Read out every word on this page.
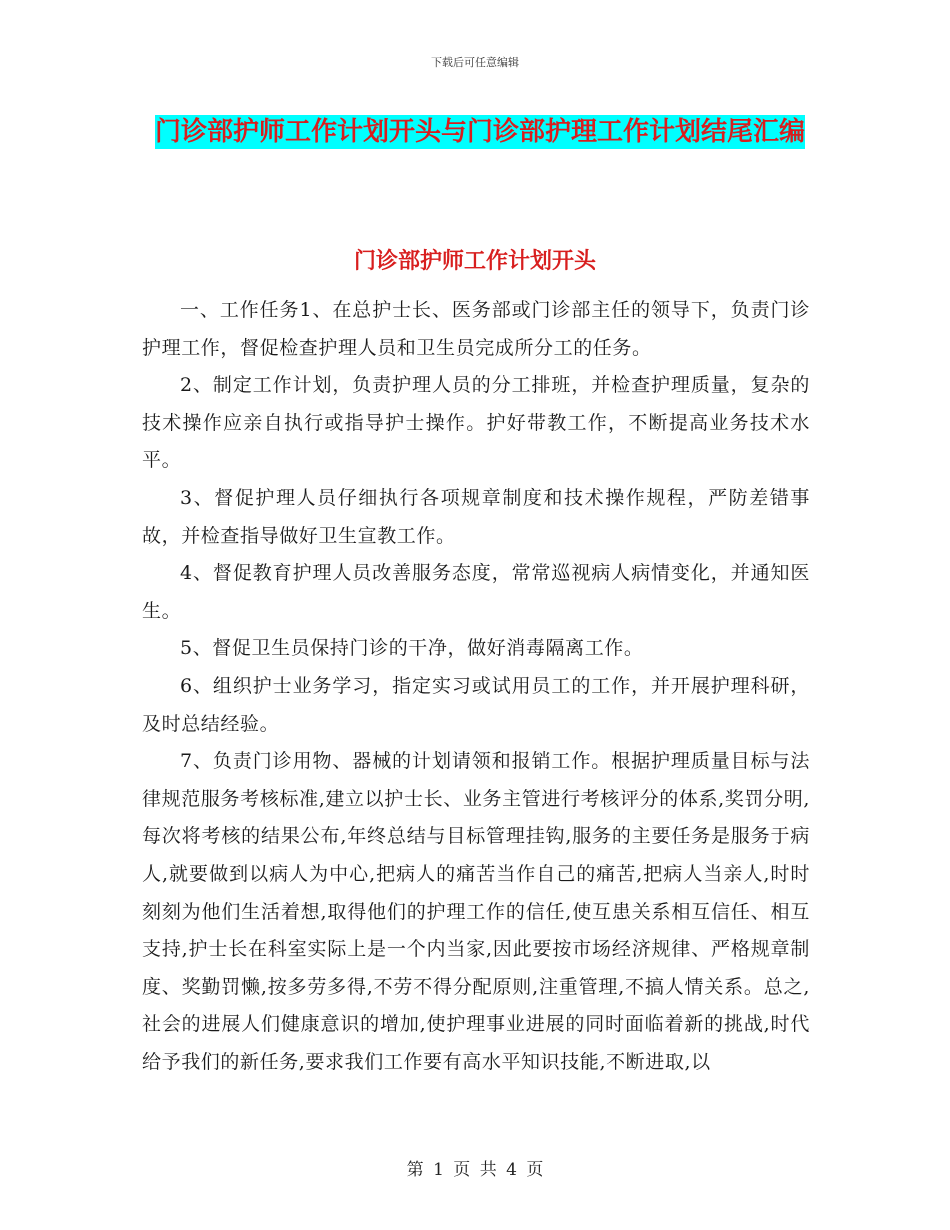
下载后可任意编辑
门诊部护师工作计划开头与门诊部护理工作计划结尾汇编
门诊部护师工作计划开头

一、工作任务1、在总护士长、医务部或门诊部主任的领导下，负责门诊护理工作，督促检查护理人员和卫生员完成所分工的任务。

2、制定工作计划，负责护理人员的分工排班，并检查护理质量，复杂的技术操作应亲自执行或指导护士操作。护好带教工作，不断提高业务技术水平。

3、督促护理人员仔细执行各项规章制度和技术操作规程，严防差错事故，并检查指导做好卫生宣教工作。

4、督促教育护理人员改善服务态度，常常巡视病人病情变化，并通知医生。

5、督促卫生员保持门诊的干净，做好消毒隔离工作。

6、组织护士业务学习，指定实习或试用员工的工作，并开展护理科研，及时总结经验。

7、负责门诊用物、器械的计划请领和报销工作。根据护理质量目标与法律规范服务考核标准,建立以护士长、业务主管进行考核评分的体系,奖罚分明,每次将考核的结果公布,年终总结与目标管理挂钩,服务的主要任务是服务于病人,就要做到以病人为中心,把病人的痛苦当作自己的痛苦,把病人当亲人,时时刻刻为他们生活着想,取得他们的护理工作的信任,使互患关系相互信任、相互支持,护士长在科室实际上是一个内当家,因此要按市场经济规律、严格规章制度、奖勤罚懒,按多劳多得,不劳不得分配原则,注重管理,不搞人情关系。总之,社会的进展人们健康意识的增加,使护理事业进展的同时面临着新的挑战,时代给予我们的新任务,要求我们工作要有高水平知识技能,不断进取,以

第 1 页 共 4 页
